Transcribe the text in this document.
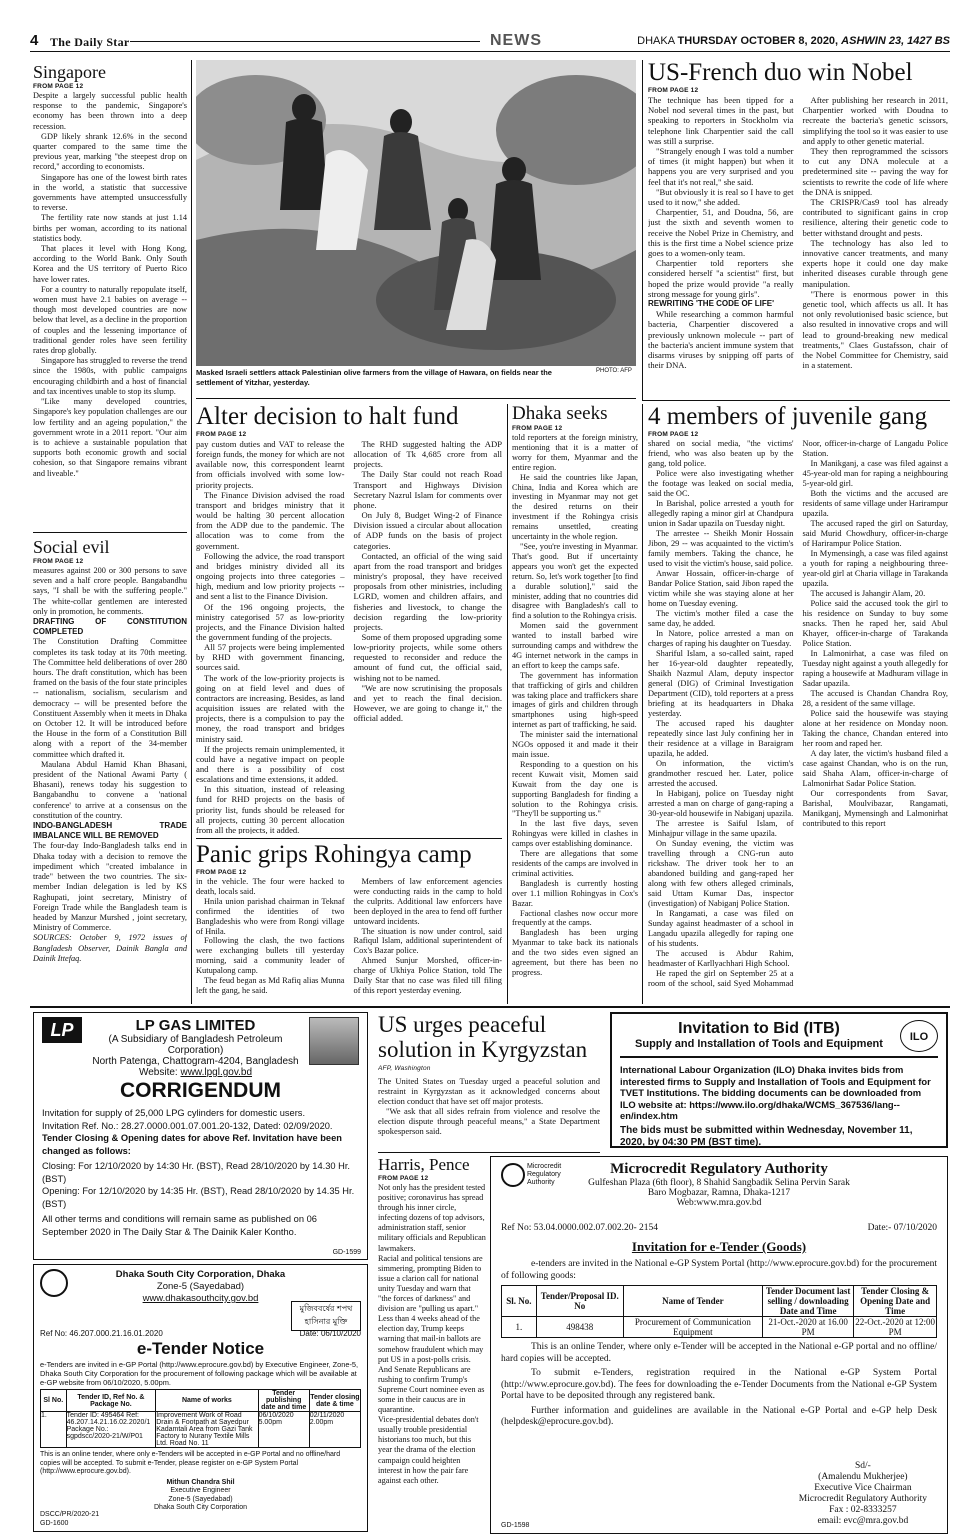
4 The Daily Star	NEWS	DHAKA THURSDAY OCTOBER 8, 2020, ASHWIN 23, 1427 BS
Singapore
FROM PAGE 12

Despite a largely successful public health response to the pandemic, Singapore's economy has been thrown into a deep recession.

GDP likely shrank 12.6% in the second quarter compared to the same time the previous year, marking "the steepest drop on record," according to economists.

Singapore has one of the lowest birth rates in the world, a statistic that successive governments have attempted unsuccessfully to reverse.

The fertility rate now stands at just 1.14 births per woman, according to its national statistics body.

That places it level with Hong Kong, according to the World Bank. Only South Korea and the US territory of Puerto Rico have lower rates.

For a country to naturally repopulate itself, women must have 2.1 babies on average -- though most developed countries are now below that level, as a decline in the proportion of couples and the lessening importance of traditional gender roles have seen fertility rates drop globally.

Singapore has struggled to reverse the trend since the 1980s, with public campaigns encouraging childbirth and a host of financial and tax incentives unable to stop its slump.

"Like many developed countries, Singapore's key population challenges are our low fertility and an ageing population," the government wrote in a 2011 report. "Our aim is to achieve a sustainable population that supports both economic growth and social cohesion, so that Singapore remains vibrant and liveable."

Social evil
FROM PAGE 12

measures against 200 or 300 persons to save seven and a half crore people. Bangabandhu says, "I shall be with the suffering people." The white-collar gentlemen are interested only in promotion, he comments.

DRAFTING OF CONSTITUTION COMPLETED

The Constitution Drafting Committee completes its task today at its 70th meeting. The Committee held deliberations of over 280 hours. The draft constitution, which has been framed on the basis of the four state principles -- nationalism, socialism, secularism and democracy -- will be presented before the Constituent Assembly when it meets in Dhaka on October 12. It will be introduced before the House in the form of a Constitution Bill along with a report of the 34-member committee which drafted it.

Maulana Abdul Hamid Khan Bhasani, president of the National Awami Party ( Bhasani), renews today his suggestion to Bangabandhu to convene a 'national conference' to arrive at a consensus on the constitution of the country.

INDO-BANGLADESH TRADE IMBALANCE WILL BE REMOVED

The four-day Indo-Bangladesh talks end in Dhaka today with a decision to remove the impediment which "created imbalance in trade" between the two countries. The six-member Indian delegation is led by KS Raghupati, joint secretary, Ministry of Foreign Trade while the Bangladesh team is headed by Manzur Murshed , joint secretary, Ministry of Commerce.

SOURCES: October 9, 1972 issues of Bangladesh Observer, Dainik Bangla and Dainik Ittefaq.

Masked Israeli settlers attack Palestinian olive farmers from the village of Hawara, on fields near the settlement of Yitzhar, yesterday.
PHOTO: AFP
US-French duo win Nobel
FROM PAGE 12

The technique has been tipped for a Nobel nod several times in the past, but speaking to reporters in Stockholm via telephone link Charpentier said the call was still a surprise.

"Strangely enough I was told a number of times (it might happen) but when it happens you are very surprised and you feel that it's not real," she said.

"But obviously it is real so I have to get used to it now," she added.

Charpentier, 51, and Doudna, 56, are just the sixth and seventh women to receive the Nobel Prize in Chemistry, and this is the first time a Nobel science prize goes to a women-only team.

Charpentier told reporters she considered herself "a scientist" first, but hoped the prize would provide "a really strong message for young girls".

REWRITING 'THE CODE OF LIFE'

While researching a common harmful bacteria, Charpentier discovered a previously unknown molecule -- part of the bacteria's ancient immune system that disarms viruses by snipping off parts of their DNA.

After publishing her research in 2011, Charpentier worked with Doudna to recreate the bacteria's genetic scissors, simplifying the tool so it was easier to use and apply to other genetic material.

They then reprogrammed the scissors to cut any DNA molecule at a predetermined site -- paving the way for scientists to rewrite the code of life where the DNA is snipped.

The CRISPR/Cas9 tool has already contributed to significant gains in crop resilience, altering their genetic code to better withstand drought and pests.

The technology has also led to innovative cancer treatments, and many experts hope it could one day make inherited diseases curable through gene manipulation.

"There is enormous power in this genetic tool, which affects us all. It has not only revolutionised basic science, but also resulted in innovative crops and will lead to ground-breaking new medical treatments," Claes Gustafsson, chair of the Nobel Committee for Chemistry, said in a statement.

Alter decision to halt fund
FROM PAGE 12

pay custom duties and VAT to release the foreign funds, the money for which are not available now, this correspondent learnt from officials involved with some low-priority projects.

The Finance Division advised the road transport and bridges ministry that it would be halting 30 percent allocation from the ADP due to the pandemic. The allocation was to come from the government.

Following the advice, the road transport and bridges ministry divided all its ongoing projects into three categories – high, medium and low priority projects -- and sent a list to the Finance Division.

Of the 196 ongoing projects, the ministry categorised 57 as low-priority projects, and the Finance Division halted the government funding of the projects.

All 57 projects were being implemented by RHD with government financing, sources said.

The work of the low-priority projects is going on at field level and dues of contractors are increasing. Besides, as land acquisition issues are related with the projects, there is a compulsion to pay the money, the road transport and bridges ministry said.

If the projects remain unimplemented, it could have a negative impact on people and there is a possibility of cost escalations and time extensions, it added.

In this situation, instead of releasing fund for RHD projects on the basis of priority list, funds should be released for all projects, cutting 30 percent allocation from all the projects, it added.

The RHD suggested halting the ADP allocation of Tk 4,685 crore from all projects.

The Daily Star could not reach Road Transport and Highways Division Secretary Nazrul Islam for comments over phone.

On July 8, Budget Wing-2 of Finance Division issued a circular about allocation of ADP funds on the basis of project categories.

Contacted, an official of the wing said apart from the road transport and bridges ministry's proposal, they have received proposals from other ministries, including LGRD, women and children affairs, and fisheries and livestock, to change the decision regarding the low-priority projects.

Some of them proposed upgrading some low-priority projects, while some others requested to reconsider and reduce the amount of fund cut, the official said, wishing not to be named.

"We are now scrutinising the proposals and yet to reach the final decision. However, we are going to change it," the official added.

Panic grips Rohingya camp
FROM PAGE 12

in the vehicle. The four were hacked to death, locals said.

Hnila union parishad chairman in Teknaf confirmed the identities of two Bangladeshis who were from Rongi village of Hnila.

Following the clash, the two factions were exchanging bullets till yesterday morning, said a community leader of Kutupalong camp.

The feud began as Md Rafiq alias Munna left the gang, he said.

Members of law enforcement agencies were conducting raids in the camp to hold the culprits. Additional law enforcers have been deployed in the area to fend off further untoward incidents.

The situation is now under control, said Rafiqul Islam, additional superintendent of Cox's Bazar police.

Ahmed Sunjur Morshed, officer-in-charge of Ukhiya Police Station, told The Daily Star that no case was filed till filing of this report yesterday evening.

Dhaka seeks
FROM PAGE 12

told reporters at the foreign ministry, mentioning that it is a matter of worry for them, Myanmar and the entire region.

He said the countries like Japan, China, India and Korea which are investing in Myanmar may not get the desired returns on their investment if the Rohingya crisis remains unsettled, creating uncertainty in the whole region.

"See, you're investing in Myanmar. That's good. But if uncertainty appears you won't get the expected return. So, let's work together [to find a durable solution]," said the minister, adding that no countries did disagree with Bangladesh's call to find a solution to the Rohingya crisis.

Momen said the government wanted to install barbed wire surrounding camps and withdrew the 4G internet network in the camps in an effort to keep the camps safe.

The government has information that trafficking of girls and children was taking place and traffickers share images of girls and children through smartphones using high-speed internet as part of trafficking, he said.

The minister said the international NGOs opposed it and made it their main issue.

Responding to a question on his recent Kuwait visit, Momen said Kuwait from the day one is supporting Bangladesh for finding a solution to the Rohingya crisis. "They'll be supporting us."

In the last five days, seven Rohingyas were killed in clashes in camps over establishing dominance.

There are allegations that some residents of the camps are involved in criminal activities.

Bangladesh is currently hosting over 1.1 million Rohingyas in Cox's Bazar.

Factional clashes now occur more frequently at the camps.

Bangladesh has been urging Myanmar to take back its nationals and the two sides even signed an agreement, but there has been no progress.

4 members of juvenile gang
FROM PAGE 12

shared on social media, "the victims' friend, who was also beaten up by the gang, told police.

Police were also investigating whether the footage was leaked on social media, said the OC.

In Barishal, police arrested a youth for allegedly raping a minor girl at Chandpura union in Sadar upazila on Tuesday night.

The arrestee -- Sheikh Monir Hossain Jibon, 29 -- was acquainted to the victim's family members. Taking the chance, he used to visit the victim's house, said police.

Anwar Hossain, officer-in-charge of Bandar Police Station, said Jibon raped the victim while she was staying alone at her home on Tuesday evening.

The victim's mother filed a case the same day, he added.

In Natore, police arrested a man on charges of raping his daughter on Tuesday.

Shariful Islam, a so-called saint, raped her 16-year-old daughter repeatedly, Shaikh Nazmul Alam, deputy inspector general (DIG) of Criminal Investigation Department (CID), told reporters at a press briefing at its headquarters in Dhaka yesterday.

The accused raped his daughter repeatedly since last July confining her in their residence at a village in Baraigram upazila, he added.

On information, the victim's grandmother rescued her. Later, police arrested the accused.

In Habiganj, police on Tuesday night arrested a man on charge of gang-raping a 30-year-old housewife in Nabiganj upazila.

The arrestee is Saiful Islam, of Minhajpur village in the same upazila.

On Sunday evening, the victim was travelling through a CNG-run auto rickshaw. The driver took her to an abandoned building and gang-raped her along with few others alleged criminals, said Uttam Kumar Das, inspector (investigation) of Nabiganj Police Station.

In Rangamati, a case was filed on Sunday against headmaster of a school in Langadu upazila allegedly for raping one of his students.

The accused is Abdur Rahim, headmaster of Karllyachhari High School.

He raped the girl on September 25 at a room of the school, said Syed Mohammad Noor, officer-in-charge of Langadu Police Station.

In Manikganj, a case was filed against a 45-year-old man for raping a neighbouring 5-year-old girl.

Both the victims and the accused are residents of same village under Harirampur upazila.

The accused raped the girl on Saturday, said Murid Chowdhury, officer-in-charge of Harirampur Police Station.

In Mymensingh, a case was filed against a youth for raping a neighbouring three-year-old girl at Charia village in Tarakanda upazila.

The accused is Jahangir Alam, 20.

Police said the accused took the girl to his residence on Sunday to buy some snacks. Then he raped her, said Abul Khayer, officer-in-charge of Tarakanda Police Station.

In Lalmonirhat, a case was filed on Tuesday night against a youth allegedly for raping a housewife at Madhuram village in Sadar upazila.

The accused is Chandan Chandra Roy, 28, a resident of the same village.

Police said the housewife was staying alone at her residence on Monday noon. Taking the chance, Chandan entered into her room and raped her.

A day later, the victim's husband filed a case against Chandan, who is on the run, said Shaha Alam, officer-in-charge of Lalmonirhat Sadar Police Station.

Our correspondents from Savar, Barishal, Moulvibazar, Rangamati, Manikganj, Mymensingh and Lalmonirhat contributed to this report

LP	LP GAS LIMITED
(A Subsidiary of Bangladesh Petroleum Corporation)
North Patenga, Chattogram-4204, Bangladesh
Website: www.lpgl.gov.bd
CORRIGENDUM
Invitation for supply of 25,000 LPG cylinders for domestic users.
Invitation Ref. No.: 28.27.0000.001.07.001.20-132, Dated: 02/09/2020.
Tender Closing & Opening dates for above Ref. Invitation have been changed as follows:
Closing: For 12/10/2020 by 14:30 Hr. (BST), Read 28/10/2020 by 14.30 Hr. (BST)
Opening: For 12/10/2020 by 14:35 Hr. (BST), Read 28/10/2020 by 14.35 Hr. (BST)
All other terms and conditions will remain same as published on 06 September 2020 in The Daily Star & The Dainik Kaler Kontho.
GD-1599
Dhaka South City Corporation, Dhaka
Zone-5 (Sayedabad)
www.dhakasouthcity.gov.bd
মুজিববর্ষের শপথ হাসিনার মুক্তি
Ref No: 46.207.000.21.16.01.2020	Date: 06/10/2020
e-Tender Notice
e-Tenders are invited in e-GP Portal (http://www.eprocure.gov.bd) by Executive Engineer, Zone-5, Dhaka South City Corporation for the procurement of following package which will be available at e-GP website from 06/10/2020, 5.00pm.
Sl No.	Tender ID, Ref No. & Package No.	Name of works	Tender publishing date and time	Tender closing date & time
1.	Tender ID: 495464 Ref: 46.207.14.21.16.02.2020/1 Package No.: sgpdscc/2020-21/W/P01	Improvement Work of Road Drain & Footpath at Sayedpur Kadamtali Area from Gazi Tank Factory to Nurany Textile Mills Ltd. Road No. 11	06/10/2020 5.00pm	02/11/2020 2.00pm
This is an online tender, where only e-Tenders will be accepted in e-GP Portal and no offline/hard copies will be accepted. To submit e-Tender, please register on e-GP System Portal (http://www.eprocure.gov.bd).
Mithun Chandra Shil
Executive Engineer
Zone-5 (Sayedabad)
Dhaka South City Corporation
DSCC/PR/2020-21
GD-1600
US urges peaceful solution in Kyrgyzstan
AFP, Washington

The United States on Tuesday urged a peaceful solution and restraint in Kyrgyzstan as it acknowledged concerns about election conduct that have set off major protests.

"We ask that all sides refrain from violence and resolve the election dispute through peaceful means," a State Department spokesperson said.

Harris, Pence
FROM PAGE 12

Not only has the president tested positive; coronavirus has spread through his inner circle, infecting dozens of top advisors, administration staff, senior military officials and Republican lawmakers.

Racial and political tensions are simmering, prompting Biden to issue a clarion call for national unity Tuesday and warn that "the forces of darkness" and division are "pulling us apart."

Less than 4 weeks ahead of the election day, Trump keeps warning that mail-in ballots are somehow fraudulent which may put US in a post-polls crisis. And Senate Republicans are rushing to confirm Trump's Supreme Court nominee even as some in their caucus are in quarantine.

Vice-presidential debates don't usually trouble presidential historians too much, but this year the drama of the election campaign could heighten interest in how the pair fare against each other.

Invitation to Bid (ITB)
Supply and Installation of Tools and Equipment
ILO
International Labour Organization (ILO) Dhaka invites bids from interested firms to Supply and Installation of Tools and Equipment for TVET Institutions. The bidding documents can be downloaded from ILO website at: https://www.ilo.org/dhaka/WCMS_367536/lang--en/index.htm
The bids must be submitted within Wednesday, November 11, 2020, by 04:30 PM (BST time).
Microcredit Regulatory Authority
Microcredit Regulatory Authority
Gulfeshan Plaza (6th floor), 8 Shahid Sangbadik Selina Pervin Sarak
Baro Mogbazar, Ramna, Dhaka-1217
Web:www.mra.gov.bd
Ref No: 53.04.0000.002.07.002.20- 2154	Date:- 07/10/2020
Invitation for e-Tender (Goods)
e-tenders are invited in the National e-GP System Portal (http://www.eprocure.gov.bd) for the procurement of following goods:
Sl. No.	Tender/Proposal ID. No	Name of Tender	Tender Document last selling / downloading Date and Time	Tender Closing & Opening Date and Time
1.	498438	Procurement of Communication Equipment	21-Oct.-2020 at 16.00 PM	22-Oct.-2020 at 12:00 PM

This is an online Tender, where only e-Tender will be accepted in the National e-GP portal and no offline/ hard copies will be accepted.

To submit e-Tenders, registration required in the National e-GP System Portal (http://www.eprocure.gov.bd). The fees for downloading the e-Tender Documents from the National e-GP System Portal have to be deposited through any registered bank.

Further information and guidelines are available in the National e-GP Portal and e-GP help Desk (helpdesk@eprocure.gov.bd).

Sd/-
(Amalendu Mukherjee)
Executive Vice Chairman
Microcredit Regulatory Authority
Fax : 02-8333257
email: evc@mra.gov.bd
GD-1598
